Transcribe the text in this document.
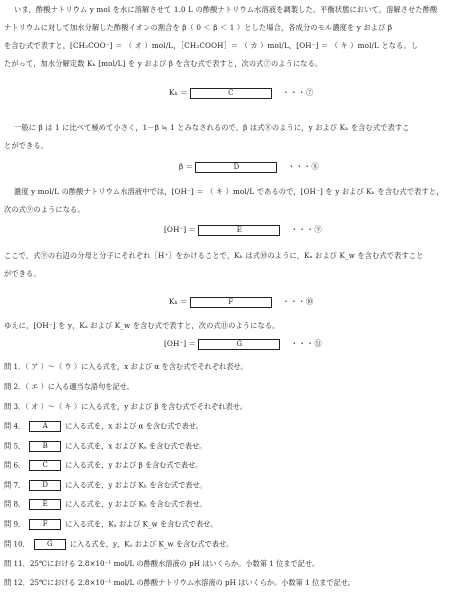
いま，酢酸ナトリウム y mol を水に溶解させて 1.0 L の酢酸ナトリウム水溶液を調製した。平衡状態において，溶解させた酢酸
ナトリウムに対して加水分解した酢酸イオンの割合を β（ 0 ＜ β ＜ 1 ）とした場合，各成分のモル濃度を y および β
を含む式で表すと，[CH₃COO⁻] ＝ （ オ ）mol/L，［CH₃COOH］＝ （ カ ）mol/L，[OH⁻] ＝ （ キ ）mol/L となる。し
たがって，加水分解定数 Kₕ [mol/L] を y および β を含む式で表すと，次の式⑦のようになる。
Kₕ ＝	C	・・・⑦
一般に β は 1 に比べて極めて小さく，1－β ≒ 1 とみなされるので，β は式⑧のように，y および Kₕ を含む式で表すこ
とができる。
β ＝	D	・・・⑧
濃度 y mol/L の酢酸ナトリウム水溶液中では，[OH⁻] ＝ （ キ ）mol/L であるので，[OH⁻] を y および Kₕ を含む式で表すと，
次の式⑨のようになる。
[OH⁻] ＝	E	・・・⑨
ここで，式⑨の右辺の分母と分子にそれぞれ［H⁺］をかけることで，Kₕ は式⑩のように，Kₐ および K_w を含む式で表すこと
ができる。
Kₕ ＝	F	・・・⑩
ゆえに，[OH⁻] を y，Kₐ および K_w を含む式で表すと，次の式⑪のようになる。
[OH⁻] ＝	G	・・・⑪
問 1．（ ア ）～（ ウ ）に入る式を，x および α を含む式でそれぞれ表せ。
問 2．（ エ ）に入る適当な語句を記せ。
問 3．（ オ ）～（ キ ）に入る式を，y および β を含む式でそれぞれ表せ。
問 4． A に入る式を，x および α を含む式で表せ。
問 5． B に入る式を，x および Kₐ を含む式で表せ。
問 6． C に入る式を，y および β を含む式で表せ。
問 7． D に入る式を，y および Kₕ を含む式で表せ。
問 8． E に入る式を，y および Kₕ を含む式で表せ。
問 9．	F に入る式を，Kₐ および K_w を含む式で表せ。
問 10． G に入る式を，y，Kₐ および K_w を含む式で表せ。
問 11．25℃における 2.8×10⁻¹ mol/L の酢酸水溶液の pH はいくらか。小数第 1 位まで記せ。
問 12．25℃における 2.8×10⁻¹ mol/L の酢酸ナトリウム水溶液の pH はいくらか。小数第 1 位まで記せ。
